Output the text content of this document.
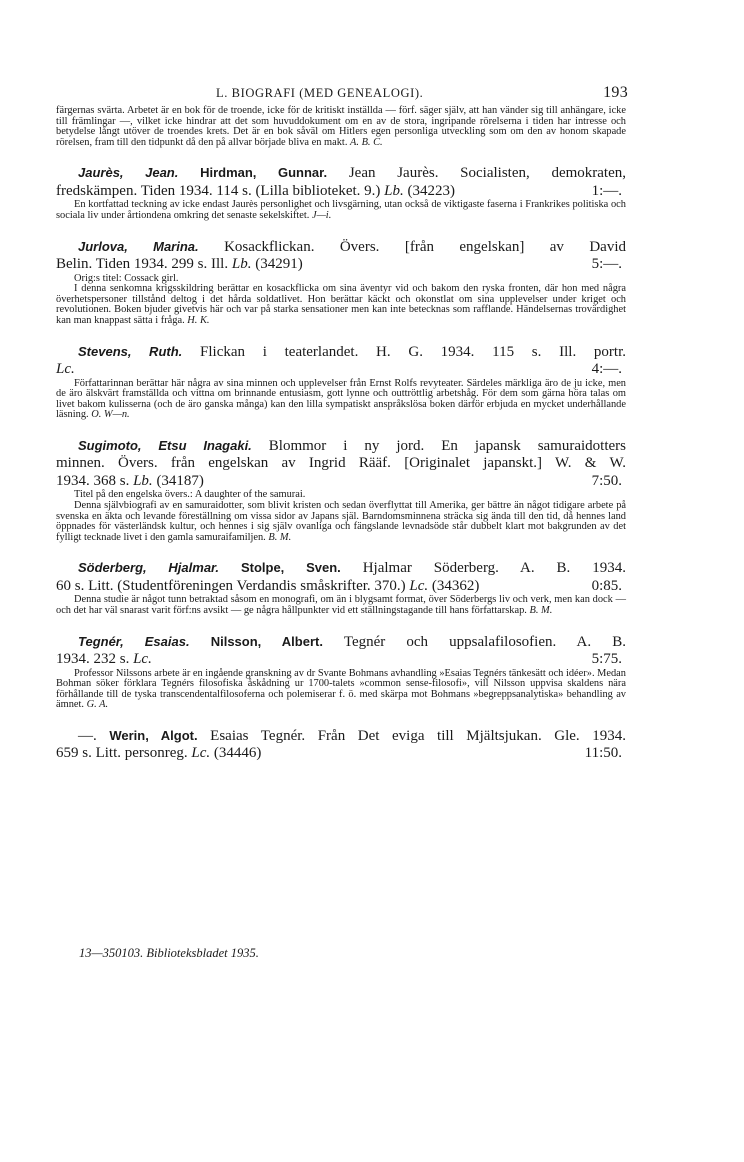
L. BIOGRAFI (MED GENEALOGI).	193

färgernas svärta. Arbetet är en bok för de troende, icke för de kritiskt inställda — förf. säger själv, att han vänder sig till anhängare, icke till främlingar —, vilket icke hindrar att det som huvuddokument om en av de stora, ingripande rörelserna i tiden har intresse och betydelse långt utöver de troendes krets. Det är en bok såväl om Hitlers egen personliga utveckling som om den av honom skapade rörelsen, fram till den tidpunkt då den på allvar började bliva en makt. A. B. C.

Jaurès, Jean. Hirdman, Gunnar. Jean Jaurès. Socialisten, demokraten,
fredskämpen. Tiden 1934. 114 s. (Lilla biblioteket. 9.) Lb. (34223)	1:—.

En kortfattad teckning av icke endast Jaurès personlighet och livsgärning, utan också de viktigaste faserna i Frankrikes politiska och sociala liv under årtiondena omkring det senaste sekelskiftet. J—i.

Jurlova, Marina. Kosackflickan. Övers. [från engelskan] av David
Belin. Tiden 1934. 299 s. Ill. Lb. (34291)	5:—.

Orig:s titel: Cossack girl.

I denna senkomna krigsskildring berättar en kosackflicka om sina äventyr vid och bakom den ryska fronten, där hon med några överhetspersoner tillstånd deltog i det hårda soldatlivet. Hon berättar käckt och okonstlat om sina upplevelser under kriget och revolutionen. Boken bjuder givetvis här och var på starka sensationer men kan inte betecknas som rafflande. Händelsernas trovärdighet kan man knappast sätta i fråga. H. K.

Stevens, Ruth. Flickan i teaterlandet. H. G. 1934. 115 s. Ill. portr.
Lc.	4:—.

Författarinnan berättar här några av sina minnen och upplevelser från Ernst Rolfs revyteater. Särdeles märkliga äro de ju icke, men de äro älskvärt framställda och vittna om brinnande entusiasm, gott lynne och outtröttlig arbetshåg. För dem som gärna höra talas om livet bakom kulisserna (och de äro ganska många) kan den lilla sympatiskt anspråkslösa boken därför erbjuda en mycket underhållande läsning. O. W—n.

Sugimoto, Etsu Inagaki. Blommor i ny jord. En japansk samuraidotters
minnen. Övers. från engelskan av Ingrid Rääf. [Originalet japanskt.] W. & W.
1934. 368 s. Lb. (34187)	7:50.

Titel på den engelska övers.: A daughter of the samurai.

Denna självbiografi av en samuraidotter, som blivit kristen och sedan överflyttat till Amerika, ger bättre än något tidigare arbete på svenska en äkta och levande föreställning om vissa sidor av Japans själ. Barndomsminnena sträcka sig ända till den tid, då hennes land öppnades för västerländsk kultur, och hennes i sig själv ovanliga och fängslande levnadsöde står dubbelt klart mot bakgrunden av det fylligt tecknade livet i den gamla samuraifamiljen. B. M.

Söderberg, Hjalmar. Stolpe, Sven. Hjalmar Söderberg. A. B. 1934.
60 s. Litt. (Studentföreningen Verdandis småskrifter. 370.) Lc. (34362)	0:85.

Denna studie är något tunn betraktad såsom en monografi, om än i blygsamt format, över Söderbergs liv och verk, men kan dock — och det har väl snarast varit förf:ns avsikt — ge några hållpunkter vid ett ställningstagande till hans författarskap. B. M.

Tegnér, Esaias. Nilsson, Albert. Tegnér och uppsalafilosofien. A. B.
1934. 232 s. Lc.	5:75.

Professor Nilssons arbete är en ingående granskning av dr Svante Bohmans avhandling »Esaias Tegnérs tänkesätt och idéer». Medan Bohman söker förklara Tegnérs filosofiska åskådning ur 1700-talets »common sense-filosofi», vill Nilsson uppvisa skaldens nära förhållande till de tyska transcendentalfilosoferna och polemiserar f. ö. med skärpa mot Bohmans »begreppsanalytiska» behandling av ämnet. G. A.

—. Werin, Algot. Esaias Tegnér. Från Det eviga till Mjältsjukan. Gle. 1934.
659 s. Litt. personreg. Lc. (34446)	11:50.
13—350103. Biblioteksbladet 1935.
